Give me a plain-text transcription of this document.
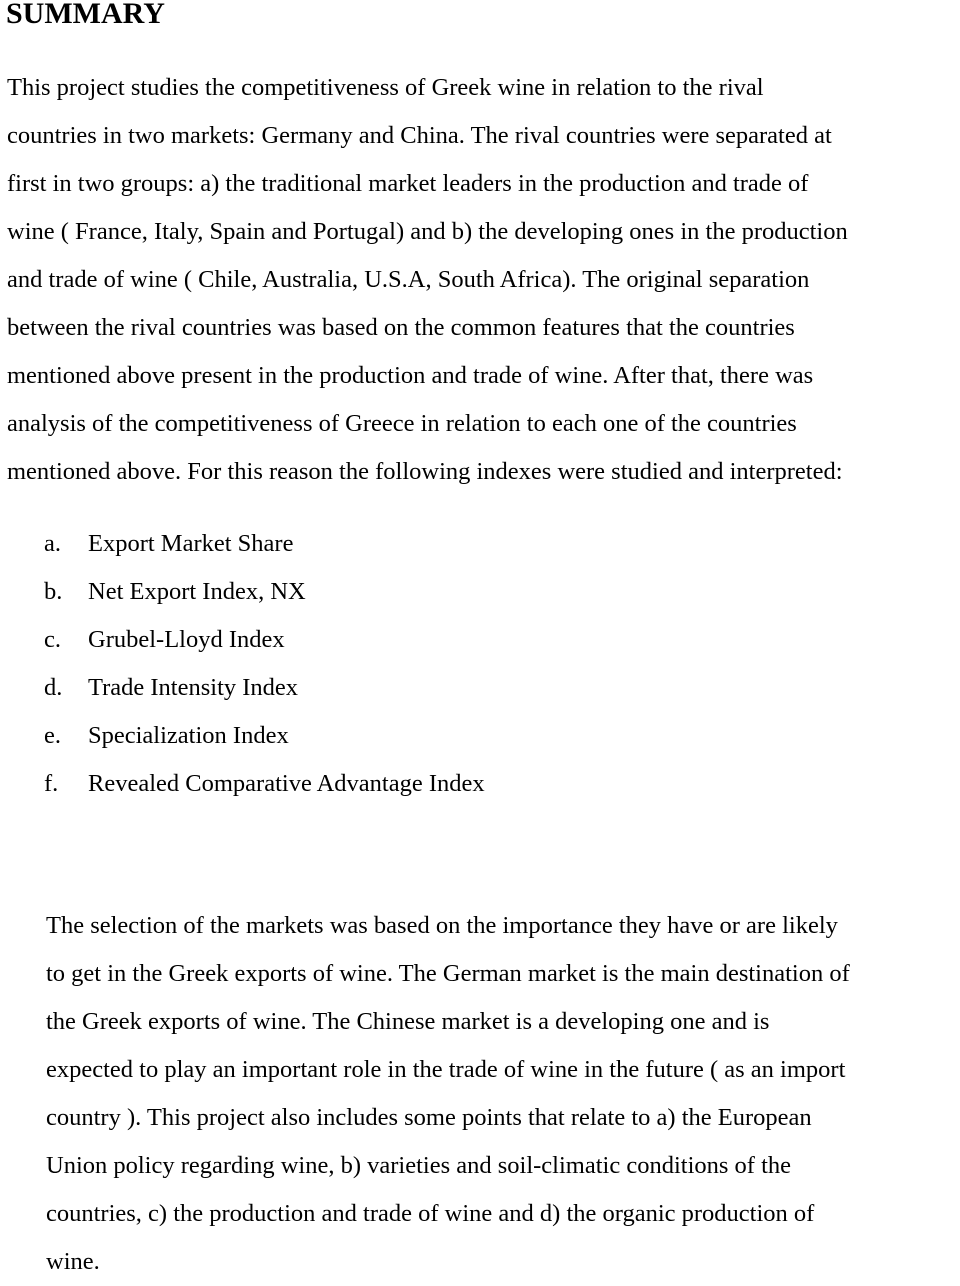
SUMMARY

This project studies the competitiveness of Greek wine in relation to the rival
countries in two markets: Germany and China. The rival countries were separated at
first in two groups: a) the traditional market leaders in the production and trade of
wine ( France, Italy, Spain and Portugal) and b) the developing ones in the production
and trade of wine ( Chile, Australia, U.S.A, South Africa). The original separation
between the rival countries was based on the common features that the countries
mentioned above present in the production and trade of wine. After that, there was
analysis of the competitiveness of Greece in relation to each one of the countries
mentioned above. For this reason the following indexes were studied and interpreted:

a. Export Market Share
b. Net Export Index, NX
c. Grubel-Lloyd Index
d. Trade Intensity Index
e. Specialization Index
f. Revealed Comparative Advantage Index

The selection of the markets was based on the importance they have or are likely
to get in the Greek exports of wine. The German market is the main destination of
the Greek exports of wine. The Chinese market is a developing one and is
expected to play an important role in the trade of wine in the future ( as an import
country ). This project also includes some points that relate to a) the European
Union policy regarding wine, b) varieties and soil-climatic conditions of the
countries, c) the production and trade of wine and d) the organic production of
wine.
